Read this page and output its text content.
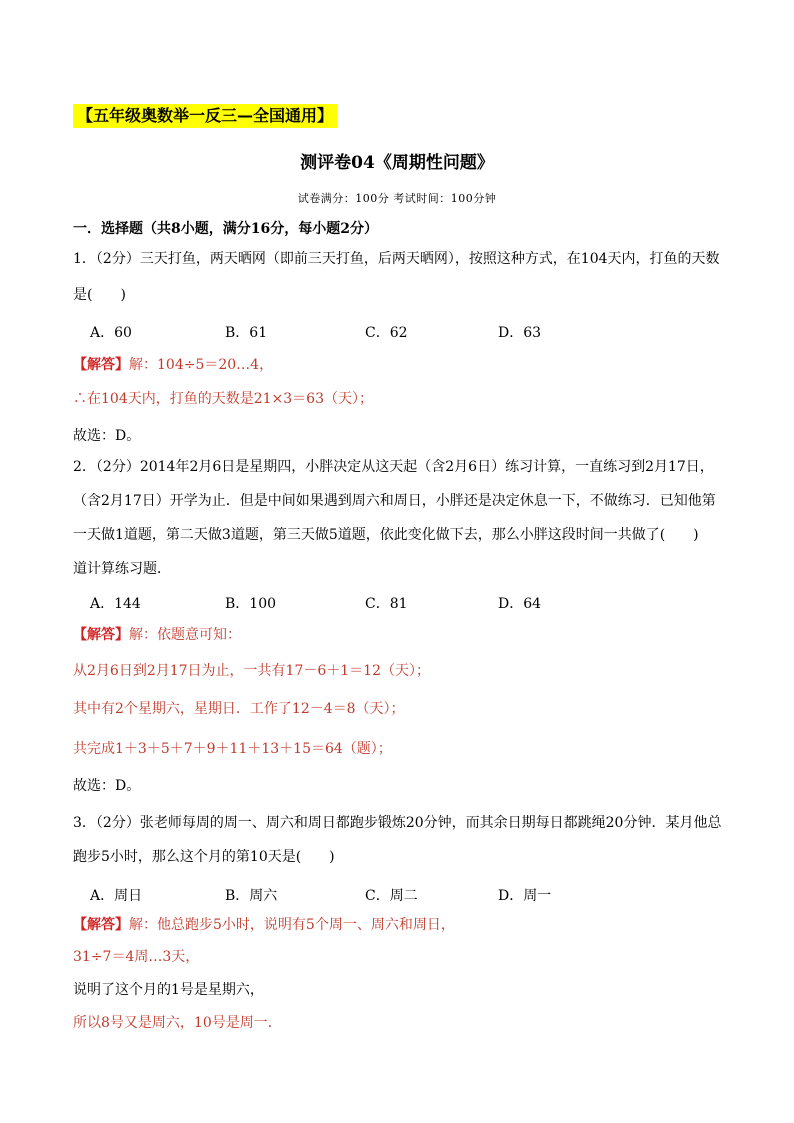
【五年级奥数举一反三—全国通用】
测评卷04《周期性问题》
试卷满分：100分 考试时间：100分钟
一．选择题（共8小题，满分16分，每小题2分）
1．（2分）三天打鱼，两天晒网（即前三天打鱼，后两天晒网），按照这种方式，在104天内，打鱼的天数
是(　　)
A．60	B．61	C．62	D．63
【解答】解：104÷5＝20…4，
∴在104天内，打鱼的天数是21×3＝63（天）；
故选：D。
2．（2分）2014年2月6日是星期四，小胖决定从这天起（含2月6日）练习计算，一直练习到2月17日，
（含2月17日）开学为止．但是中间如果遇到周六和周日，小胖还是决定休息一下，不做练习．已知他第
一天做1道题，第二天做3道题，第三天做5道题，依此变化做下去，那么小胖这段时间一共做了(　　)
道计算练习题．
A．144	B．100	C．81	D．64
【解答】解：依题意可知：
从2月6日到2月17日为止，一共有17－6＋1＝12（天）；
其中有2个星期六，星期日．工作了12－4＝8（天）；
共完成1＋3＋5＋7＋9＋11＋13＋15＝64（题）；
故选：D。
3．（2分）张老师每周的周一、周六和周日都跑步锻炼20分钟，而其余日期每日都跳绳20分钟．某月他总
跑步5小时，那么这个月的第10天是(　　)
A．周日	B．周六	C．周二	D．周一
【解答】解：他总跑步5小时，说明有5个周一、周六和周日，
31÷7＝4周…3天，
说明了这个月的1号是星期六，
所以8号又是周六，10号是周一．
